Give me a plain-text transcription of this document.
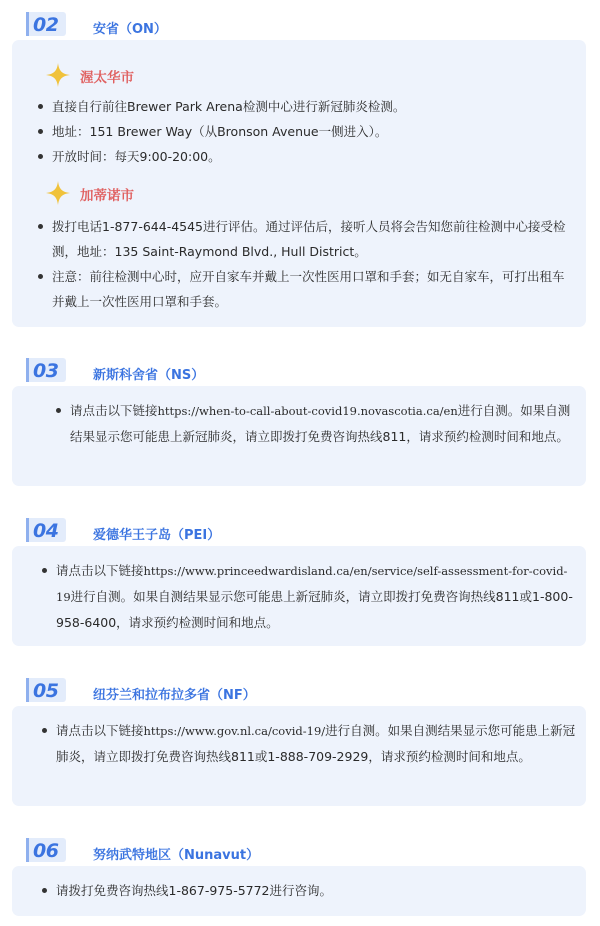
02	安省（ON）
渥太华市
直接自行前往Brewer Park Arena检测中心进行新冠肺炎检测。
地址：151 Brewer Way（从Bronson Avenue一侧进入）。
开放时间：每天9:00-20:00。
加蒂诺市
拨打电话1-877-644-4545进行评估。通过评估后，接听人员将会告知您前往检测中心接受检测，地址：135 Saint-Raymond Blvd., Hull District。
注意：前往检测中心时，应开自家车并戴上一次性医用口罩和手套；如无自家车，可打出租车并戴上一次性医用口罩和手套。
03	新斯科舍省（NS）
请点击以下链接https://when-to-call-about-covid19.novascotia.ca/en进行自测。如果自测结果显示您可能患上新冠肺炎，请立即拨打免费咨询热线811，请求预约检测时间和地点。
04	爱德华王子岛（PEI）
请点击以下链接https://www.princeedwardisland.ca/en/service/self-assessment-for-covid-19进行自测。如果自测结果显示您可能患上新冠肺炎，请立即拨打免费咨询热线811或1-800-958-6400，请求预约检测时间和地点。
05	纽芬兰和拉布拉多省（NF）
请点击以下链接https://www.gov.nl.ca/covid-19/进行自测。如果自测结果显示您可能患上新冠肺炎，请立即拨打免费咨询热线811或1-888-709-2929，请求预约检测时间和地点。
06	努纳武特地区（Nunavut）
请拨打免费咨询热线1-867-975-5772进行咨询。
